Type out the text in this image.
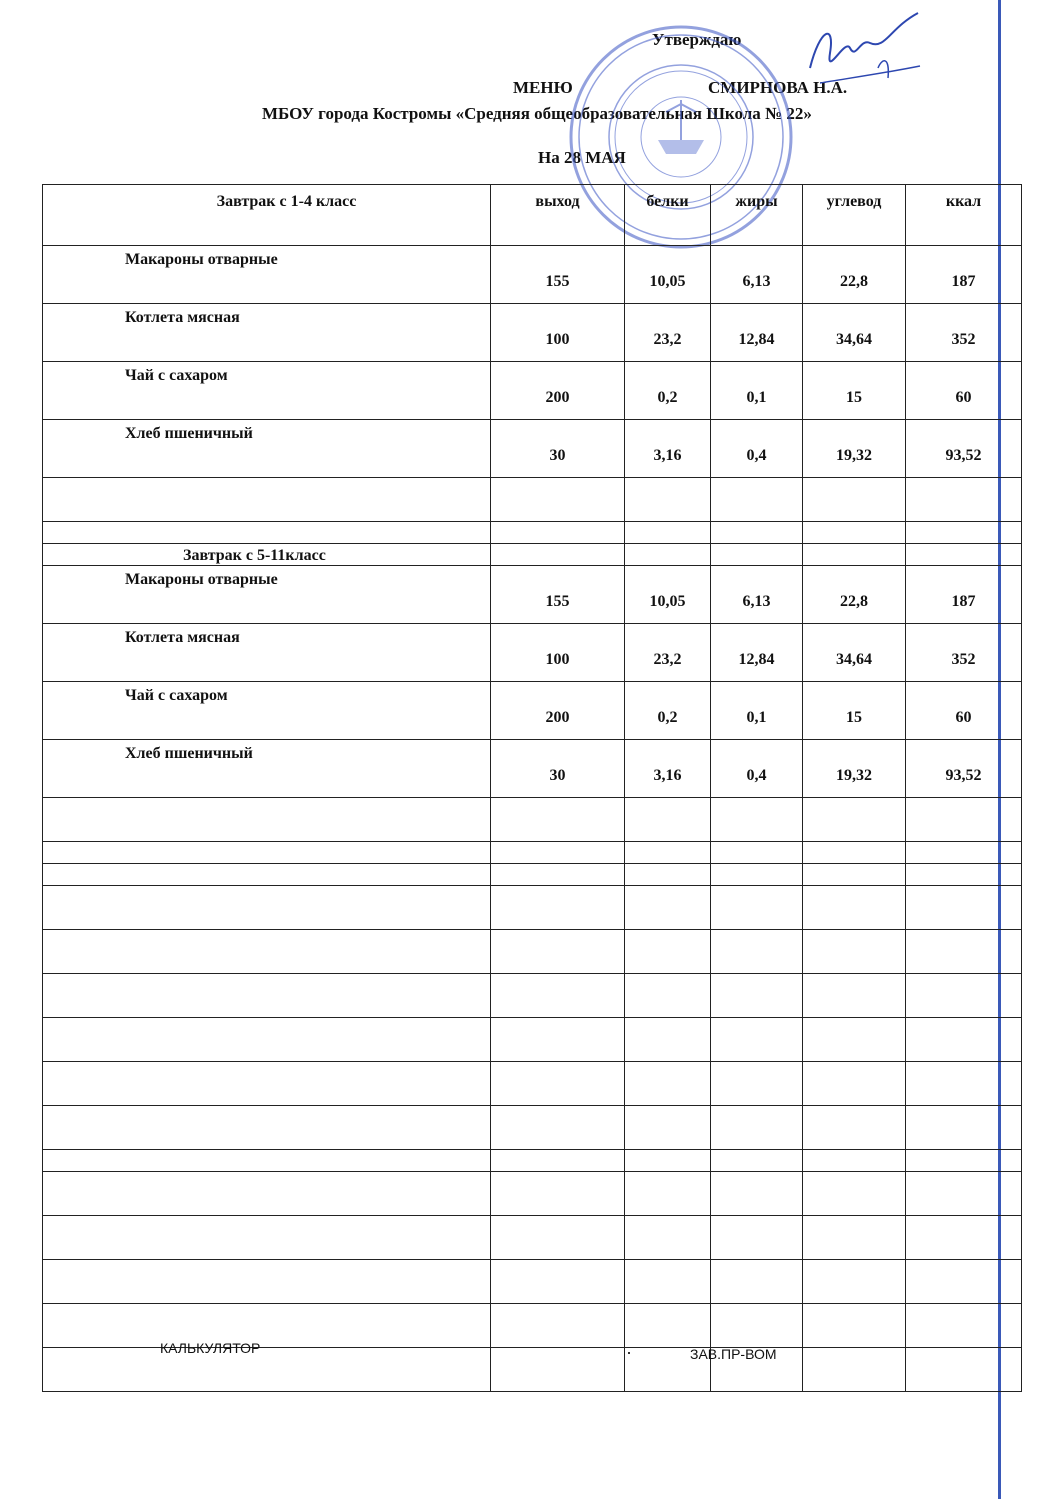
Утверждаю
МЕНЮ	СМИРНОВА Н.А.
МБОУ города Костромы «Средняя общеобразовательная Школа № 22»
На 28 МАЯ
Завтрак с 1-4 класс	выход	белки	жиры	углевод	ккал
Макароны отварные	155	10,05	6,13	22,8	187
Котлета мясная	100	23,2	12,84	34,64	352
Чай с сахаром	200	0,2	0,1	15	60
Хлеб пшеничный	30	3,16	0,4	19,32	93,52

Завтрак с 5-11класс					
Макароны отварные	155	10,05	6,13	22,8	187
Котлета мясная	100	23,2	12,84	34,64	352
Чай с сахаром	200	0,2	0,1	15	60
Хлеб пшеничный	30	3,16	0,4	19,32	93,52

КАЛЬКУЛЯТОР	ЗАВ.ПР-ВОМ
